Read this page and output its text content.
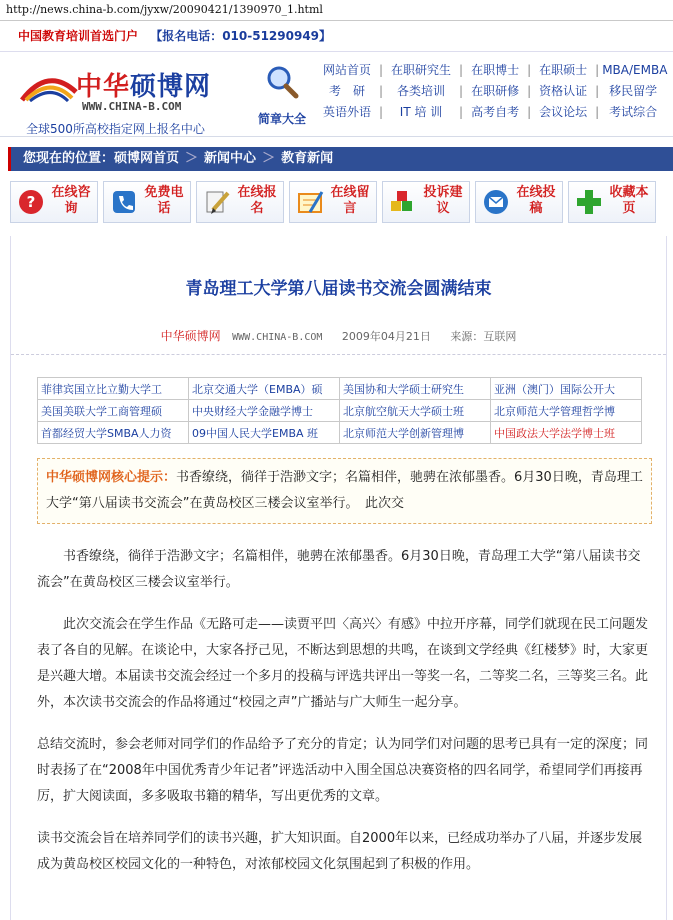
http://news.china-b.com/jyxw/20090421/1390970_1.html
中国教育培训首选门户 【报名电话：010-51290949】
中华硕博网
WWW.CHINA-B.COM
全球500所高校指定网上报名中心
简章大全
网站首页 | 在职研究生 | 在职博士 | 在职硕士 | MBA/EMBA
考　研 | 各类培训 | 在职研修 | 资格认证 | 移民留学
英语外语 | IT 培 训 | 高考自考 | 会议论坛 | 考试综合
您现在的位置：硕博网首页 ＞ 新闻中心 ＞ 教育新闻
?
在线咨询
免费电话
在线报名
在线留言
投诉建议
在线投稿
收藏本页
青岛理工大学第八届读书交流会圆满结束
中华硕博网 WWW.CHINA-B.COM 2009年04月21日 来源：互联网
菲律宾国立比立勤大学工	北京交通大学（EMBA）硕	美国协和大学硕士研究生	亚洲（澳门）国际公开大
美国美联大学工商管理硕	中央财经大学金融学博士	北京航空航天大学硕士班	北京师范大学管理哲学博
首都经贸大学SMBA人力资	09中国人民大学EMBA 班	北京师范大学创新管理博	中国政法大学法学博士班
中华硕博网核心提示：书香缭绕，徜徉于浩渺文字；名篇相伴，驰骋在浓郁墨香。6月30日晚，青岛理工大学“第八届读书交流会”在黄岛校区三楼会议室举行。　此次交

书香缭绕，徜徉于浩渺文字；名篇相伴，驰骋在浓郁墨香。6月30日晚，青岛理工大学“第八届读书交流会”在黄岛校区三楼会议室举行。

此次交流会在学生作品《无路可走——读贾平凹〈高兴〉有感》中拉开序幕，同学们就现在民工问题发表了各自的见解。在谈论中，大家各抒己见，不断达到思想的共鸣，在谈到文学经典《红楼梦》时，大家更是兴趣大增。本届读书交流会经过一个多月的投稿与评选共评出一等奖一名，二等奖二名，三等奖三名。此外，本次读书交流会的作品将通过“校园之声”广播站与广大师生一起分享。

总结交流时，参会老师对同学们的作品给予了充分的肯定；认为同学们对问题的思考已具有一定的深度；同时表扬了在“2008年中国优秀青少年记者”评选活动中入围全国总决赛资格的四名同学，希望同学们再接再厉，扩大阅读面，多多吸取书籍的精华，写出更优秀的文章。

读书交流会旨在培养同学们的读书兴趣，扩大知识面。自2000年以来，已经成功举办了八届，并逐步发展成为黄岛校区校园文化的一种特色，对浓郁校园文化氛围起到了积极的作用。
